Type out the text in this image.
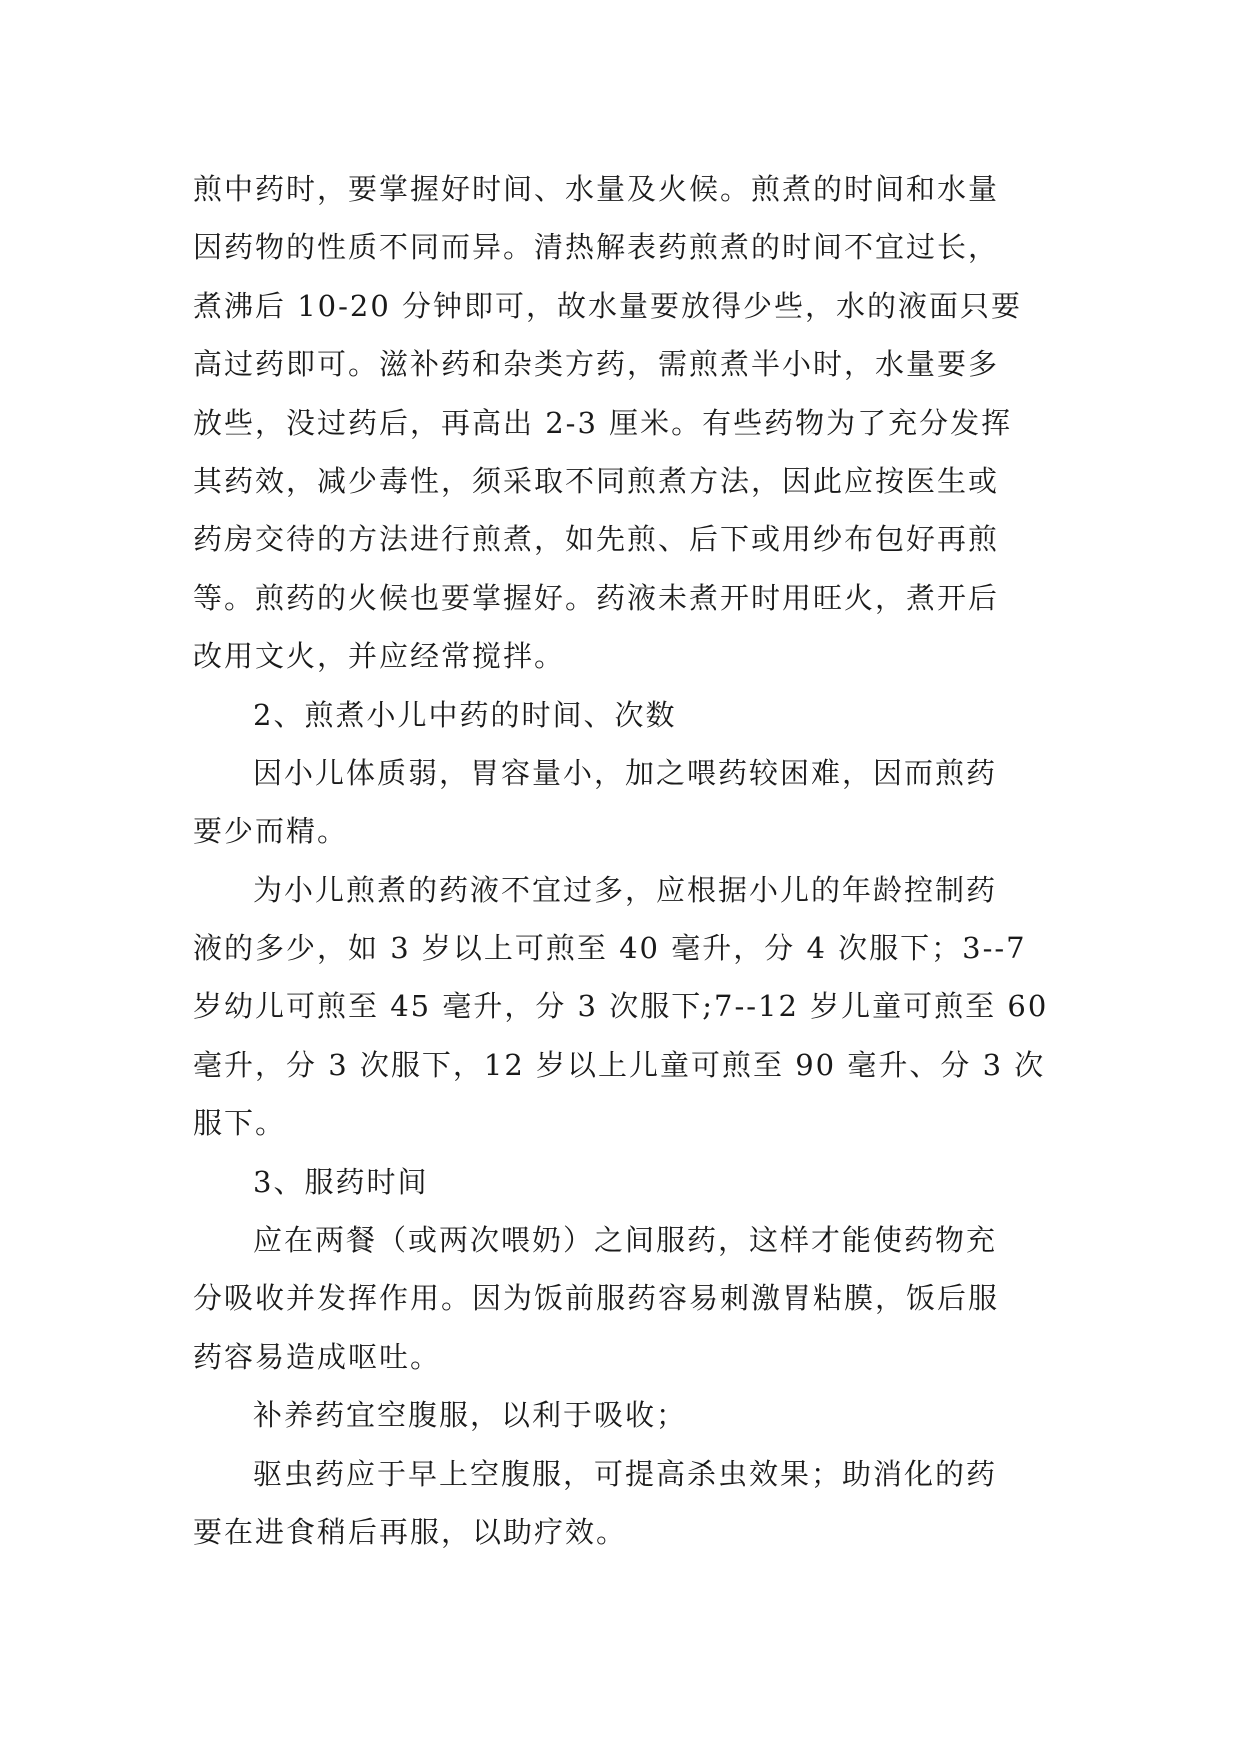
煎中药时，要掌握好时间、水量及火候。煎煮的时间和水量
因药物的性质不同而异。清热解表药煎煮的时间不宜过长，
煮沸后 10-20 分钟即可，故水量要放得少些，水的液面只要
高过药即可。滋补药和杂类方药，需煎煮半小时，水量要多
放些，没过药后，再高出 2-3 厘米。有些药物为了充分发挥
其药效，减少毒性，须采取不同煎煮方法，因此应按医生或
药房交待的方法进行煎煮，如先煎、后下或用纱布包好再煎
等。煎药的火候也要掌握好。药液未煮开时用旺火，煮开后
改用文火，并应经常搅拌。
2、煎煮小儿中药的时间、次数
因小儿体质弱，胃容量小，加之喂药较困难，因而煎药
要少而精。
为小儿煎煮的药液不宜过多，应根据小儿的年龄控制药
液的多少，如 3 岁以上可煎至 40 毫升，分 4 次服下；3--7
岁幼儿可煎至 45 毫升，分 3 次服下;7--12 岁儿童可煎至 60
毫升，分 3 次服下，12 岁以上儿童可煎至 90 毫升、分 3 次
服下。
3、服药时间
应在两餐（或两次喂奶）之间服药，这样才能使药物充
分吸收并发挥作用。因为饭前服药容易刺激胃粘膜，饭后服
药容易造成呕吐。
补养药宜空腹服，以利于吸收；
驱虫药应于早上空腹服，可提高杀虫效果；助消化的药
要在进食稍后再服，以助疗效。
